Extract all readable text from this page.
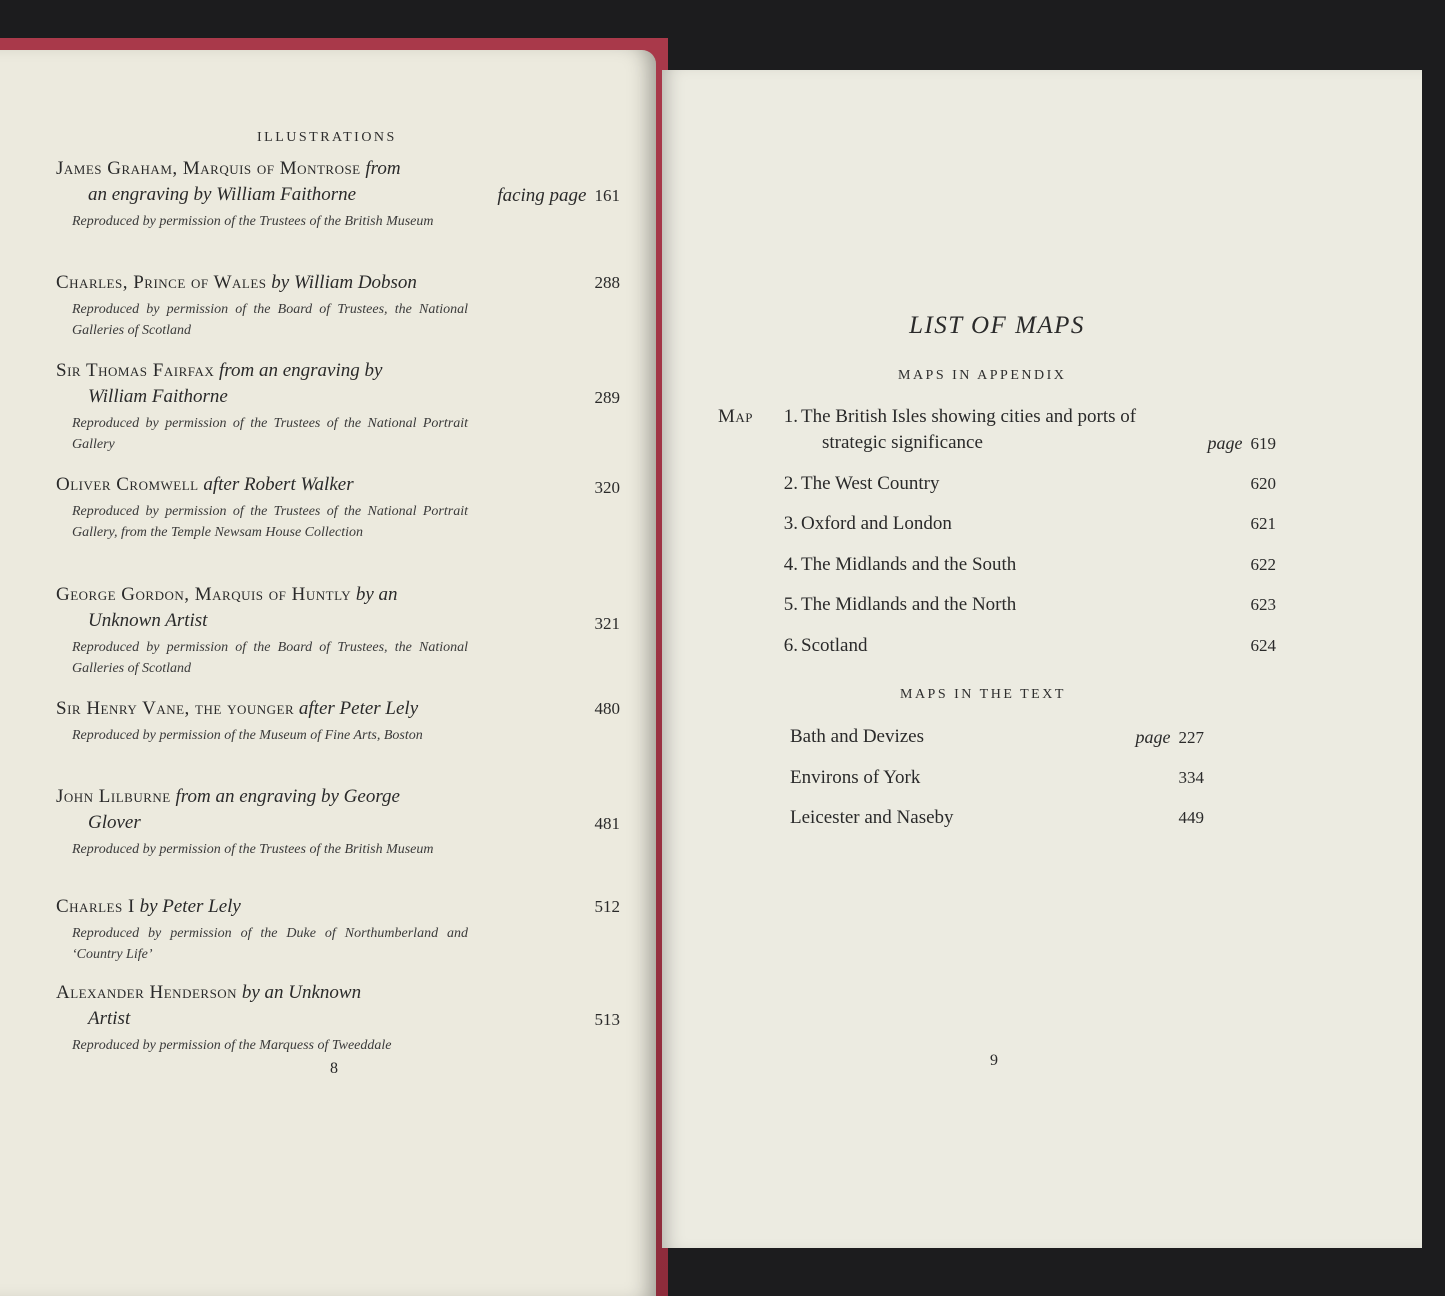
ILLUSTRATIONS
James Graham, Marquis of Montrose from
an engraving by William Faithorne	facing page 161
Reproduced by permission of the Trustees of the British Museum
Charles, Prince of Wales by William Dobson	288
Reproduced by permission of the Board of Trustees, the National Galleries of Scotland
Sir Thomas Fairfax from an engraving by
William Faithorne	289
Reproduced by permission of the Trustees of the National Portrait Gallery
Oliver Cromwell after Robert Walker	320
Reproduced by permission of the Trustees of the National Portrait Gallery, from the Temple Newsam House Collection
George Gordon, Marquis of Huntly by an
Unknown Artist	321
Reproduced by permission of the Board of Trustees, the National Galleries of Scotland
Sir Henry Vane, the younger after Peter Lely	480
Reproduced by permission of the Museum of Fine Arts, Boston
John Lilburne from an engraving by George
Glover	481
Reproduced by permission of the Trustees of the British Museum
Charles I by Peter Lely	512
Reproduced by permission of the Duke of Northumberland and ‘Country Life’
Alexander Henderson by an Unknown
Artist	513
Reproduced by permission of the Marquess of Tweeddale
8
LIST OF MAPS
MAPS IN APPENDIX
Map	1. The British Isles showing cities and ports of
strategic significance	page 619
2. The West Country	620
3. Oxford and London	621
4. The Midlands and the South	622
5. The Midlands and the North	623
6. Scotland	624
MAPS IN THE TEXT
Bath and Devizes	page 227
Environs of York	334
Leicester and Naseby	449
9
